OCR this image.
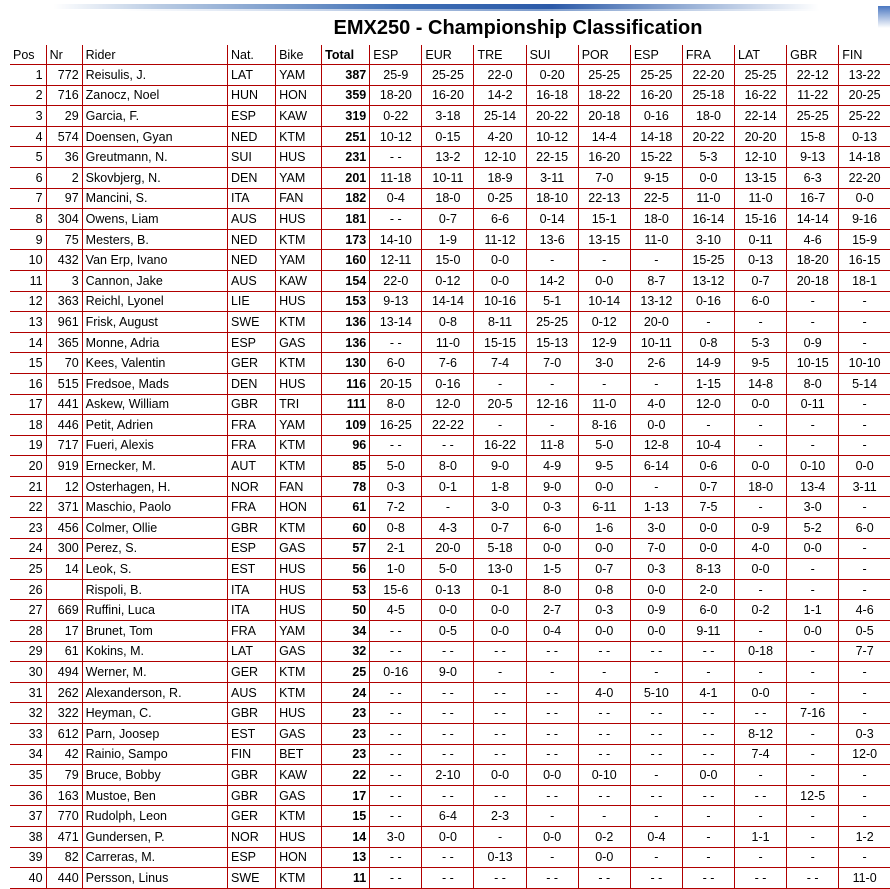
EMX250 - Championship Classification
Pos	Nr	Rider	Nat.	Bike	Total	ESP	EUR	TRE	SUI	POR	ESP	FRA	LAT	GBR	FIN
1	772	Reisulis, J.	LAT	YAM	387	25-9	25-25	22-0	0-20	25-25	25-25	22-20	25-25	22-12	13-22
2	716	Zanocz, Noel	HUN	HON	359	18-20	16-20	14-2	16-18	18-22	16-20	25-18	16-22	11-22	20-25
3	29	Garcia, F.	ESP	KAW	319	0-22	3-18	25-14	20-22	20-18	0-16	18-0	22-14	25-25	25-22
4	574	Doensen, Gyan	NED	KTM	251	10-12	0-15	4-20	10-12	14-4	14-18	20-22	20-20	15-8	0-13
5	36	Greutmann, N.	SUI	HUS	231	- -	13-2	12-10	22-15	16-20	15-22	5-3	12-10	9-13	14-18
6	2	Skovbjerg, N.	DEN	YAM	201	11-18	10-11	18-9	3-11	7-0	9-15	0-0	13-15	6-3	22-20
7	97	Mancini, S.	ITA	FAN	182	0-4	18-0	0-25	18-10	22-13	22-5	11-0	11-0	16-7	0-0
8	304	Owens, Liam	AUS	HUS	181	- -	0-7	6-6	0-14	15-1	18-0	16-14	15-16	14-14	9-16
9	75	Mesters, B.	NED	KTM	173	14-10	1-9	11-12	13-6	13-15	11-0	3-10	0-11	4-6	15-9
10	432	Van Erp, Ivano	NED	YAM	160	12-11	15-0	0-0	-	-	-	15-25	0-13	18-20	16-15
11	3	Cannon, Jake	AUS	KAW	154	22-0	0-12	0-0	14-2	0-0	8-7	13-12	0-7	20-18	18-1
12	363	Reichl, Lyonel	LIE	HUS	153	9-13	14-14	10-16	5-1	10-14	13-12	0-16	6-0	-	-
13	961	Frisk, August	SWE	KTM	136	13-14	0-8	8-11	25-25	0-12	20-0	-	-	-	-
14	365	Monne, Adria	ESP	GAS	136	- -	11-0	15-15	15-13	12-9	10-11	0-8	5-3	0-9	-
15	70	Kees, Valentin	GER	KTM	130	6-0	7-6	7-4	7-0	3-0	2-6	14-9	9-5	10-15	10-10
16	515	Fredsoe, Mads	DEN	HUS	116	20-15	0-16	-	-	-	-	1-15	14-8	8-0	5-14
17	441	Askew, William	GBR	TRI	111	8-0	12-0	20-5	12-16	11-0	4-0	12-0	0-0	0-11	-
18	446	Petit, Adrien	FRA	YAM	109	16-25	22-22	-	-	8-16	0-0	-	-	-	-
19	717	Fueri, Alexis	FRA	KTM	96	- -	- -	16-22	11-8	5-0	12-8	10-4	-	-	-
20	919	Ernecker, M.	AUT	KTM	85	5-0	8-0	9-0	4-9	9-5	6-14	0-6	0-0	0-10	0-0
21	12	Osterhagen, H.	NOR	FAN	78	0-3	0-1	1-8	9-0	0-0	-	0-7	18-0	13-4	3-11
22	371	Maschio, Paolo	FRA	HON	61	7-2	-	3-0	0-3	6-11	1-13	7-5	-	3-0	-
23	456	Colmer, Ollie	GBR	KTM	60	0-8	4-3	0-7	6-0	1-6	3-0	0-0	0-9	5-2	6-0
24	300	Perez, S.	ESP	GAS	57	2-1	20-0	5-18	0-0	0-0	7-0	0-0	4-0	0-0	-
25	14	Leok, S.	EST	HUS	56	1-0	5-0	13-0	1-5	0-7	0-3	8-13	0-0	-	-
26		Rispoli, B.	ITA	HUS	53	15-6	0-13	0-1	8-0	0-8	0-0	2-0	-	-	-
27	669	Ruffini, Luca	ITA	HUS	50	4-5	0-0	0-0	2-7	0-3	0-9	6-0	0-2	1-1	4-6
28	17	Brunet, Tom	FRA	YAM	34	- -	0-5	0-0	0-4	0-0	0-0	9-11	-	0-0	0-5
29	61	Kokins, M.	LAT	GAS	32	- -	- -	- -	- -	- -	- -	- -	0-18	-	7-7
30	494	Werner, M.	GER	KTM	25	0-16	9-0	-	-	-	-	-	-	-	-
31	262	Alexanderson, R.	AUS	KTM	24	- -	- -	- -	- -	4-0	5-10	4-1	0-0	-	-
32	322	Heyman, C.	GBR	HUS	23	- -	- -	- -	- -	- -	- -	- -	- -	7-16	-
33	612	Parn, Joosep	EST	GAS	23	- -	- -	- -	- -	- -	- -	- -	8-12	-	0-3
34	42	Rainio, Sampo	FIN	BET	23	- -	- -	- -	- -	- -	- -	- -	7-4	-	12-0
35	79	Bruce, Bobby	GBR	KAW	22	- -	2-10	0-0	0-0	0-10	-	0-0	-	-	-
36	163	Mustoe, Ben	GBR	GAS	17	- -	- -	- -	- -	- -	- -	- -	- -	12-5	-
37	770	Rudolph, Leon	GER	KTM	15	- -	6-4	2-3	-	-	-	-	-	-	-
38	471	Gundersen, P.	NOR	HUS	14	3-0	0-0	-	0-0	0-2	0-4	-	1-1	-	1-2
39	82	Carreras, M.	ESP	HON	13	- -	- -	0-13	-	0-0	-	-	-	-	-
40	440	Persson, Linus	SWE	KTM	11	- -	- -	- -	- -	- -	- -	- -	- -	- -	11-0
